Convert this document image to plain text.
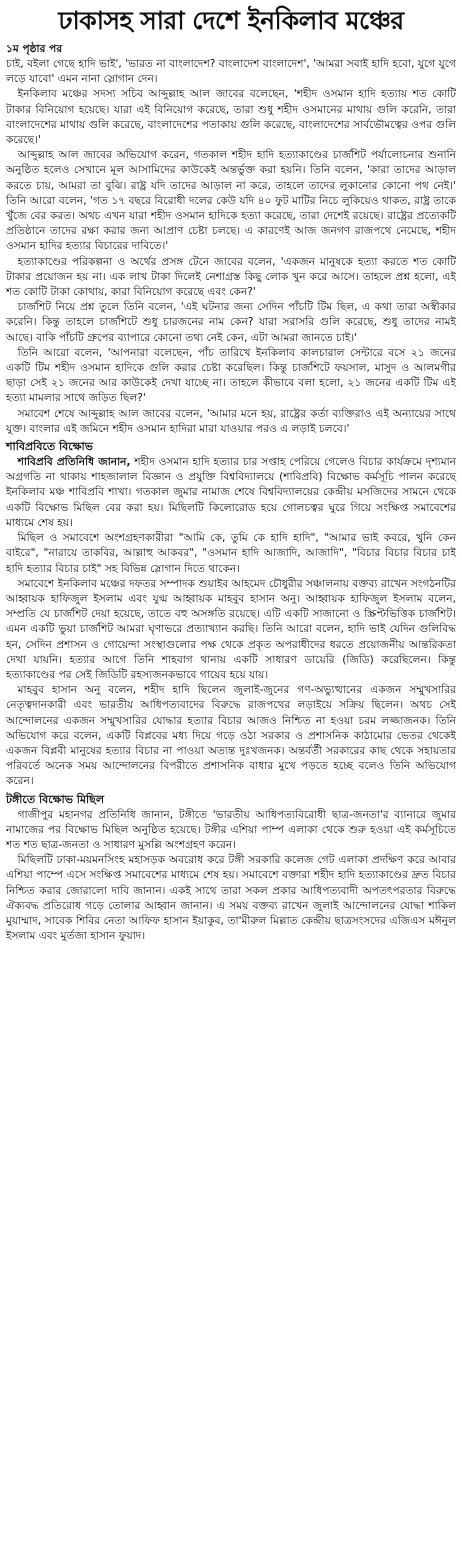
ঢাকাসহ সারা দেশে ইনকিলাব মঞ্চের
১ম পৃষ্ঠার পর

চাই, বইলা গেছে হাদি ভাই', 'ভারত না বাংলাদেশ? বাংলাদেশ বাংলাদেশ', 'আমরা সবাই হাদি হবো, যুগে যুগে লড়ে যাবো' এমন নানা স্লোগান দেন।

ইনকিলাব মঞ্চের সদস্য সচিব আব্দুল্লাহ আল জাবের বলেছেন, 'শহীদ ওসমান হাদি হত্যায় শত কোটি টাকার বিনিয়োগ হয়েছে। যারা এই বিনিয়োগ করেছে, তারা শুধু শহীদ ওসমানের মাথায় গুলি করেনি, তারা বাংলাদেশের মাথায় গুলি করেছে, বাংলাদেশের পতাকায় গুলি করেছে, বাংলাদেশের সার্বভৌমত্বের ওপর গুলি করেছে।'

আব্দুল্লাহ আল জাবের অভিযোগ করেন, গতকাল শহীদ হাদি হত্যাকাণ্ডের চার্জশিট পর্যালোচনার শুনানি অনুষ্ঠিত হলেও সেখানে মূল আসামিদের কাউকেই অন্তর্ভুক্ত করা হয়নি। তিনি বলেন, 'কারা তাদের আড়াল করতে চায়, আমরা তা বুঝি। রাষ্ট্র যদি তাদের আড়াল না করে, তাহলে তাদের লুকানোর কোনো পথ নেই।' তিনি আরো বলেন, 'গত ১৭ বছরে বিরোধী দলের কেউ যদি ৪০ ফুট মাটির নিচে লুকিয়েও থাকত, রাষ্ট্র তাকে খুঁজে বের করত। অথচ এখন যারা শহীদ ওসমান হাদিকে হত্যা করেছে, তারা দেশেই রয়েছে। রাষ্ট্রের প্রত্যেকটি প্রতিষ্ঠানে তাদের রক্ষা করার জন্য আপ্রাণ চেষ্টা চলছে। এ কারণেই আজ জনগণ রাজপথে নেমেছে, শহীদ ওসমান হাদির হত্যার বিচারের দাবিতে।'

হত্যাকাণ্ডের পরিকল্পনা ও অর্থের প্রসঙ্গ টেনে জাবের বলেন, 'একজন মানুষকে হত্যা করতে শত কোটি টাকার প্রয়োজন হয় না। এক লাখ টাকা দিলেই নেশাগ্রস্ত কিছু লোক খুন করে আসে। তাহলে প্রশ্ন হলো, এই শত কোটি টাকা কোথায়, কারা বিনিয়োগ করেছে এবং কেন?'

চার্জশিট নিয়ে প্রশ্ন তুলে তিনি বলেন, 'এই ঘটনার জন্য সেদিন পাঁচটি টিম ছিল, এ কথা তারা অস্বীকার করেনি। কিন্তু তাহলে চার্জশিটে শুধু চারজনের নাম কেন? যারা সরাসরি গুলি করেছে, শুধু তাদের নামই আছে। বাকি পাঁচটি গ্রুপের ব্যাপারে কোনো তথ্য নেই কেন, এটা আমরা জানতে চাই।'

তিনি আরো বলেন, 'আপনারা বলেছেন, পাঁচ তারিখে ইনকিলাব কালচারাল সেন্টারে বসে ২১ জনের একটি টিম শহীদ ওসমান হাদিকে গুলি করার চেষ্টা করেছিল। কিন্তু চার্জশিটে ফয়সাল, মাসুদ ও আলমগীর ছাড়া সেই ২১ জনের আর কাউকেই দেখা যাচ্ছে না। তাহলে কীভাবে বলা হলো, ২১ জনের একটি টিম এই হত্যা মামলার সাথে জড়িত ছিল?'

সমাবেশ শেষে আব্দুল্লাহ আল জাবের বলেন, 'আমার মনে হয়, রাষ্ট্রের কর্তা ব্যক্তিরাও এই অন্যায়ের সাথে যুক্ত। বাংলার এই জমিনে শহীদ ওসমান হাদিরা মারা যাওয়ার পরও এ লড়াই চলবে।'

শাবিপ্রবিতে বিক্ষোভ

শাবিপ্রবি প্রতিনিধি জানান, শহীদ ওসমান হাদি হত্যার চার সপ্তাহ পেরিয়ে গেলেও বিচার কার্যক্রমে দৃশ্যমান অগ্রগতি না থাকায় শাহজালাল বিজ্ঞান ও প্রযুক্তি বিশ্ববিদ্যালয়ে (শাবিপ্রবি) বিক্ষোভ কর্মসূচি পালন করেছে ইনকিলাব মঞ্চ শাবিপ্রবি শাখা। গতকাল জুমার নামাজ শেষে বিশ্ববিদ্যালয়ের কেন্দ্রীয় মসজিদের সামনে থেকে একটি বিক্ষোভ মিছিল বের করা হয়। মিছিলটি কিলোরোড হয়ে গোলচত্বর ঘুরে গিয়ে সংক্ষিপ্ত সমাবেশের মাধ্যমে শেষ হয়।

মিছিল ও সমাবেশে অংশগ্রহণকারীরা "আমি কে, তুমি কে হাদি হাদি", "আমার ভাই কবরে, খুনি কেন বাইরে", "নারায়ে তাকবির, আল্লাহু আকবর", "ওসমান হাদি আজাদি, আজাদি", "বিচার বিচার বিচার চাই হাদি হত্যার বিচার চাই" সহ বিভিন্ন স্লোগান দিতে থাকেন।

সমাবেশে ইনকিলাব মঞ্চের দফতর সম্পাদক শুয়াইব আহমেদ চৌধুরীর সঞ্চালনায় বক্তব্য রাখেন সংগঠনটির আহ্বায়ক হাফিজুল ইসলাম এবং যুগ্ম আহ্বায়ক মাহবুব হাসান অনু। আহ্বায়ক হাফিজুল ইসলাম বলেন, সম্প্রতি যে চার্জশিট দেয়া হয়েছে, তাতে বহু অসঙ্গতি রয়েছে। এটি একটি সাজানো ও স্ক্রিপ্টভিত্তিক চার্জশিট। এমন একটি ভুয়া চার্জশিট আমরা ঘৃণাভরে প্রত্যাখ্যান করছি। তিনি আরো বলেন, হাদি ভাই যেদিন গুলিবিদ্ধ হন, সেদিন প্রশাসন ও গোয়েন্দা সংস্থাগুলোর পক্ষ থেকে প্রকৃত অপরাধীদের ধরতে প্রয়োজনীয় আন্তরিকতা দেখা যায়নি। হত্যার আগে তিনি শাহবাগ থানায় একটি সাধারণ ডায়েরি (জিডি) করেছিলেন। কিন্তু হত্যাকাণ্ডের পর সেই জিডিটি রহস্যজনকভাবে গায়েব হয়ে যায়।

মাহবুব হাসান অনু বলেন, শহীদ হাদি ছিলেন জুলাই-জুনের গণ-অভ্যুত্থানের একজন সম্মুখসারির নেতৃত্বদানকারী এবং ভারতীয় আধিপত্যবাদের বিরুদ্ধে রাজপথের লড়াইয়ে সক্রিয় ছিলেন। অথচ সেই আন্দোলনের একজন সম্মুখসারির যোদ্ধার হত্যার বিচার আজও নিশ্চিত না হওয়া চরম লজ্জাজনক। তিনি অভিযোগ করে বলেন, একটি বিপ্লবের মধ্য দিয়ে গড়ে ওঠা সরকার ও প্রশাসনিক কাঠামোর ভেতর থেকেই একজন বিপ্লবী মানুষের হত্যার বিচার না পাওয়া অত্যন্ত দুঃখজনক। অন্তর্বর্তী সরকারের কাছ থেকে সহায়তার পরিবর্তে অনেক সময় আন্দোলনের বিপরীতে প্রশাসনিক বাধার মুখে পড়তে হচ্ছে বলেও তিনি অভিযোগ করেন।

টঙ্গীতে বিক্ষোভ মিছিল

গাজীপুর মহানগর প্রতিনিধি জানান, টঙ্গীতে 'ভারতীয় আধিপত্যবিরোধী ছাত্র-জনতা'র ব্যানারে জুমার নামাজের পর বিক্ষোভ মিছিল অনুষ্ঠিত হয়েছে। টঙ্গীর এশিয়া পাম্প এলাকা থেকে শুরু হওয়া এই কর্মসূচিতে শত শত ছাত্র-জনতা ও সাধারণ মুসল্লি অংশগ্রহণ করেন।

মিছিলটি ঢাকা-ময়মনসিংহ মহাসড়ক অবরোধ করে টঙ্গী সরকারি কলেজ গেট এলাকা প্রদক্ষিণ করে আবার এশিয়া পাম্পে এসে সংক্ষিপ্ত সমাবেশের মাধ্যমে শেষ হয়। সমাবেশে বক্তারা শহীদ হাদি হত্যাকাণ্ডের দ্রুত বিচার নিশ্চিত করার জোরালো দাবি জানান। একই সাথে তারা সকল প্রকার আধিপত্যবাদী অপতৎপরতার বিরুদ্ধে ঐক্যবদ্ধ প্রতিরোধ গড়ে তোলার আহ্বান জানান। এ সময় বক্তব্য রাখেন জুলাই আন্দোলনের যোদ্ধা শাকিল মুয়াম্মাদ, সাবেক শিবির নেতা আফিফ হাসান ইয়াকুব, তা'মীরুল মিল্লাত কেন্দ্রীয় ছাত্রসংসদের এজিএস মঈনুল ইসলাম এবং মুর্তজা হাসান ফুয়াদ।
